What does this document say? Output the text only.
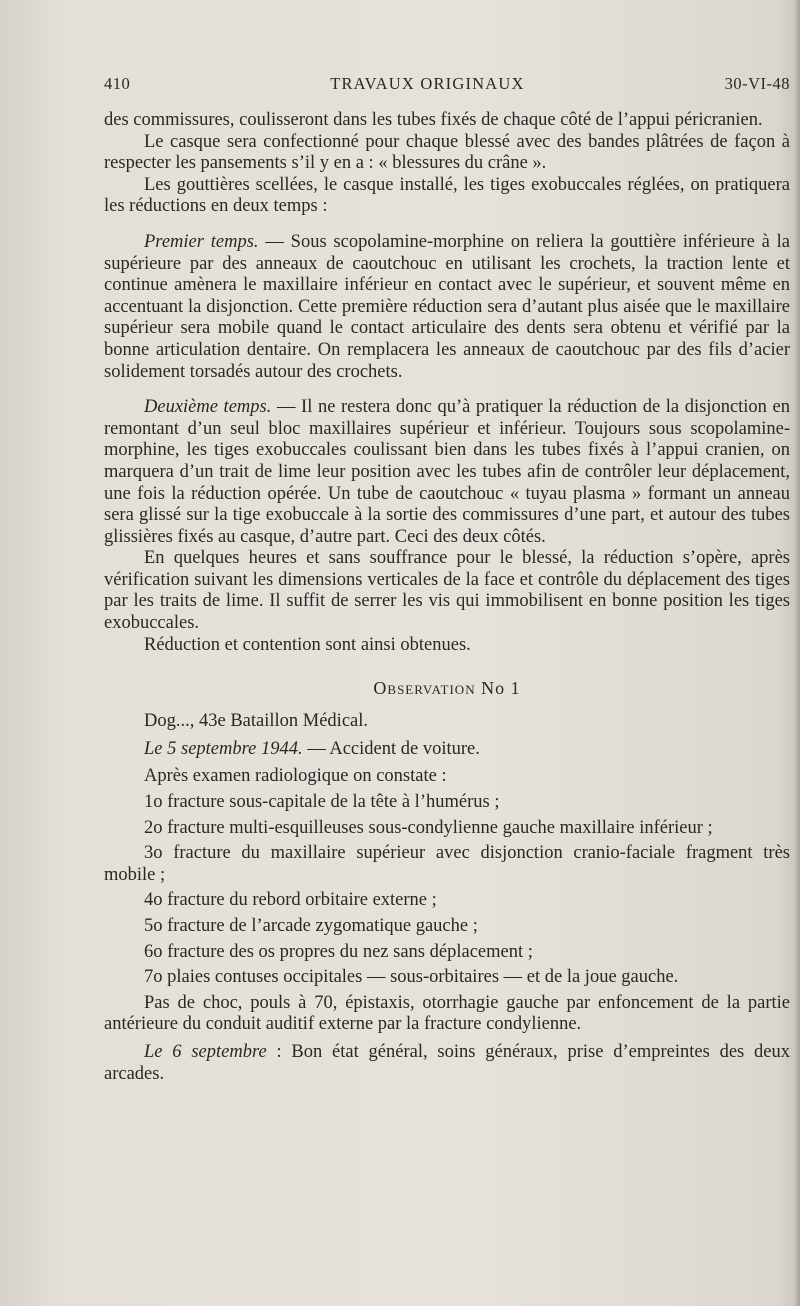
410	TRAVAUX ORIGINAUX	30-VI-48

des commissures, coulisseront dans les tubes fixés de chaque côté de l’appui péricranien.

Le casque sera confectionné pour chaque blessé avec des bandes plâtrées de façon à respecter les pansements s’il y en a : « blessures du crâne ».

Les gouttières scellées, le casque installé, les tiges exobuccales réglées, on pratiquera les réductions en deux temps :

Premier temps. — Sous scopolamine-morphine on reliera la gouttière inférieure à la supérieure par des anneaux de caoutchouc en utilisant les crochets, la traction lente et continue amènera le maxillaire inférieur en contact avec le supérieur, et souvent même en accentuant la disjonction. Cette première réduction sera d’autant plus aisée que le maxillaire supérieur sera mobile quand le contact articulaire des dents sera obtenu et vérifié par la bonne articulation dentaire. On remplacera les anneaux de caoutchouc par des fils d’acier solidement torsadés autour des crochets.

Deuxième temps. — Il ne restera donc qu’à pratiquer la réduction de la disjonction en remontant d’un seul bloc maxillaires supérieur et inférieur. Toujours sous scopolamine-morphine, les tiges exobuccales coulissant bien dans les tubes fixés à l’appui cranien, on marquera d’un trait de lime leur position avec les tubes afin de contrôler leur déplacement, une fois la réduction opérée. Un tube de caoutchouc « tuyau plasma » formant un anneau sera glissé sur la tige exobuccale à la sortie des commissures d’une part, et autour des tubes glissières fixés au casque, d’autre part. Ceci des deux côtés.

En quelques heures et sans souffrance pour le blessé, la réduction s’opère, après vérification suivant les dimensions verticales de la face et contrôle du déplacement des tiges par les traits de lime. Il suffit de serrer les vis qui immobilisent en bonne position les tiges exobuccales.

Réduction et contention sont ainsi obtenues.

Observation No 1

Dog..., 43e Bataillon Médical.

Le 5 septembre 1944. — Accident de voiture.

Après examen radiologique on constate :

1o fracture sous-capitale de la tête à l’humérus ;

2o fracture multi-esquilleuses sous-condylienne gauche maxillaire inférieur ;

3o fracture du maxillaire supérieur avec disjonction cranio-faciale fragment très mobile ;

4o fracture du rebord orbitaire externe ;

5o fracture de l’arcade zygomatique gauche ;

6o fracture des os propres du nez sans déplacement ;

7o plaies contuses occipitales — sous-orbitaires — et de la joue gauche.

Pas de choc, pouls à 70, épistaxis, otorrhagie gauche par enfoncement de la partie antérieure du conduit auditif externe par la fracture condylienne.

Le 6 septembre : Bon état général, soins généraux, prise d’empreintes des deux arcades.
